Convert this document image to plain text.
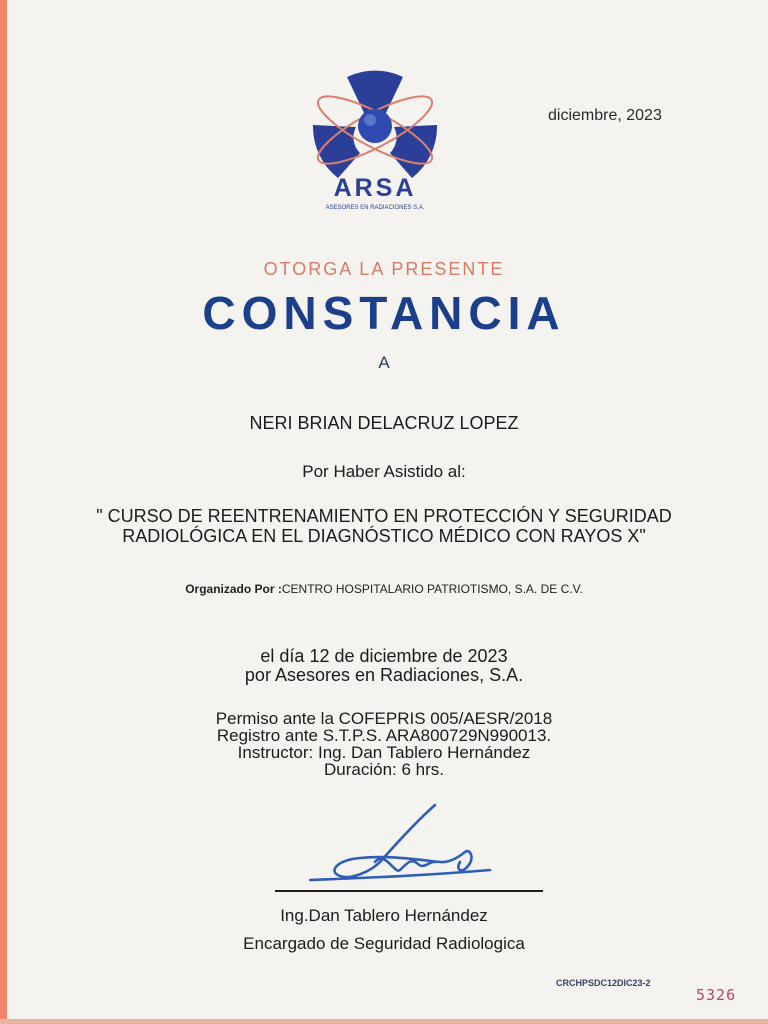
ARSA
ASESORES EN RADIACIONES S.A.
diciembre, 2023
OTORGA LA PRESENTE
CONSTANCIA
A
NERI BRIAN DELACRUZ LOPEZ
Por Haber Asistido al:
" CURSO DE REENTRENAMIENTO EN PROTECCIÓN Y SEGURIDAD
RADIOLÓGICA EN EL DIAGNÓSTICO MÉDICO CON RAYOS X"
Organizado Por :CENTRO HOSPITALARIO PATRIOTISMO, S.A. DE C.V.
el día 12 de diciembre de 2023
por Asesores en Radiaciones, S.A.
Permiso ante la COFEPRIS 005/AESR/2018
Registro ante S.T.P.S. ARA800729N990013.
Instructor: Ing. Dan Tablero Hernández
Duración: 6 hrs.
Ing.Dan Tablero Hernández
Encargado de Seguridad Radiologica
CRCHPSDC12DIC23-2
5326
